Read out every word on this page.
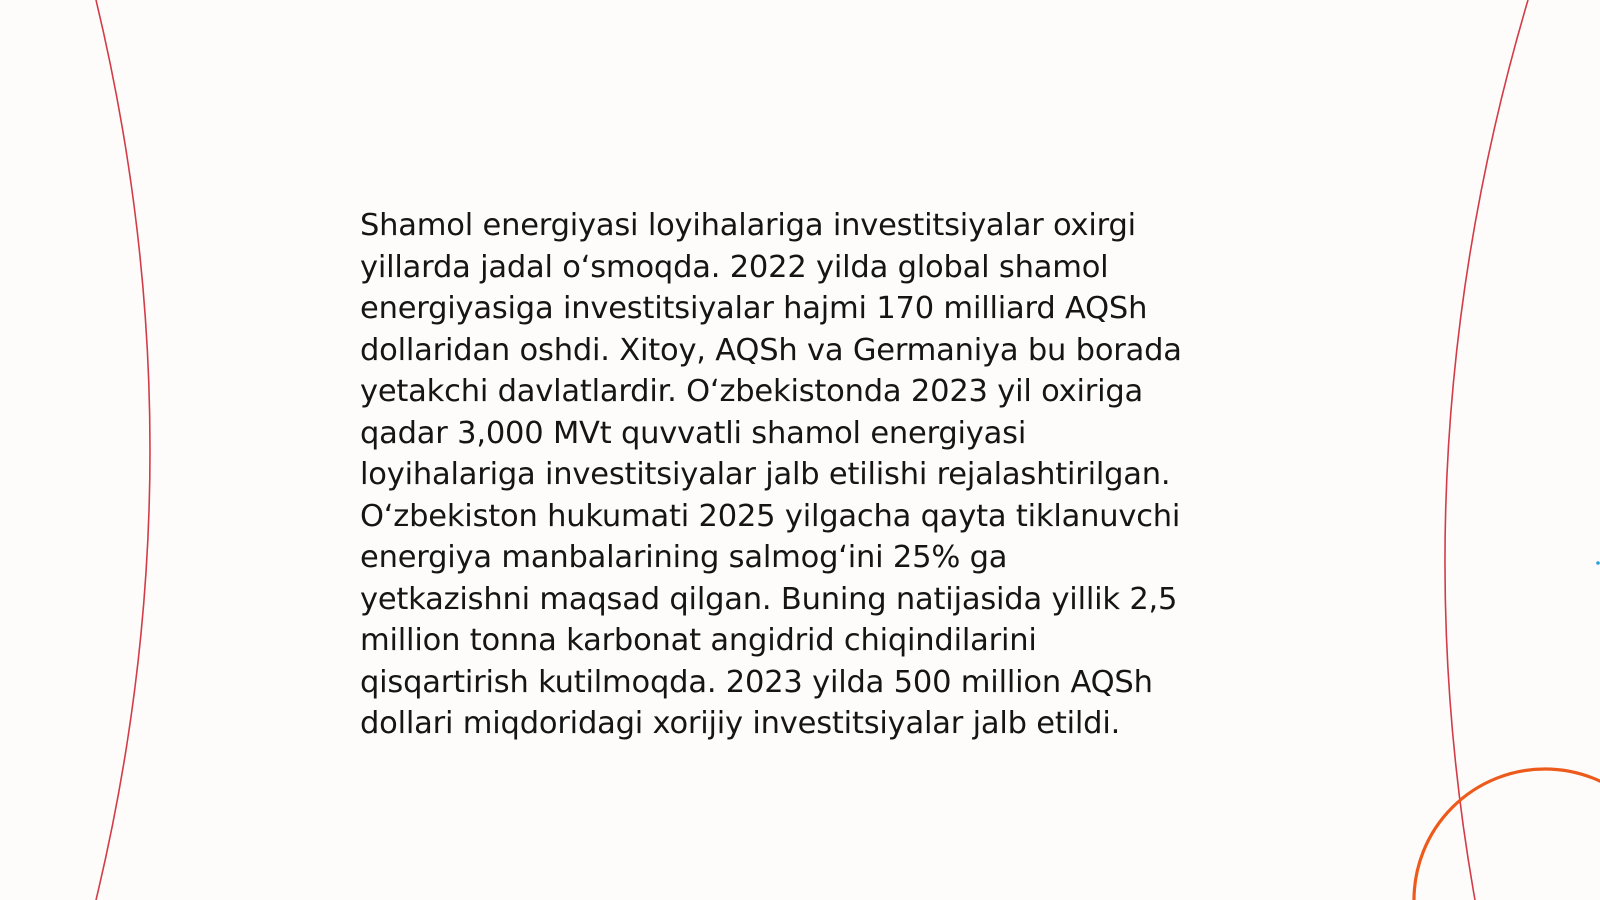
Shamol energiyasi loyihalariga investitsiyalar oxirgi
yillarda jadal o‘smoqda. 2022 yilda global shamol
energiyasiga investitsiyalar hajmi 170 milliard AQSh
dollaridan oshdi. Xitoy, AQSh va Germaniya bu borada
yetakchi davlatlardir. O‘zbekistonda 2023 yil oxiriga
qadar 3,000 MVt quvvatli shamol energiyasi
loyihalariga investitsiyalar jalb etilishi rejalashtirilgan.
O‘zbekiston hukumati 2025 yilgacha qayta tiklanuvchi
energiya manbalarining salmog‘ini 25% ga
yetkazishni maqsad qilgan. Buning natijasida yillik 2,5
million tonna karbonat angidrid chiqindilarini
qisqartirish kutilmoqda. 2023 yilda 500 million AQSh
dollari miqdoridagi xorijiy investitsiyalar jalb etildi.
